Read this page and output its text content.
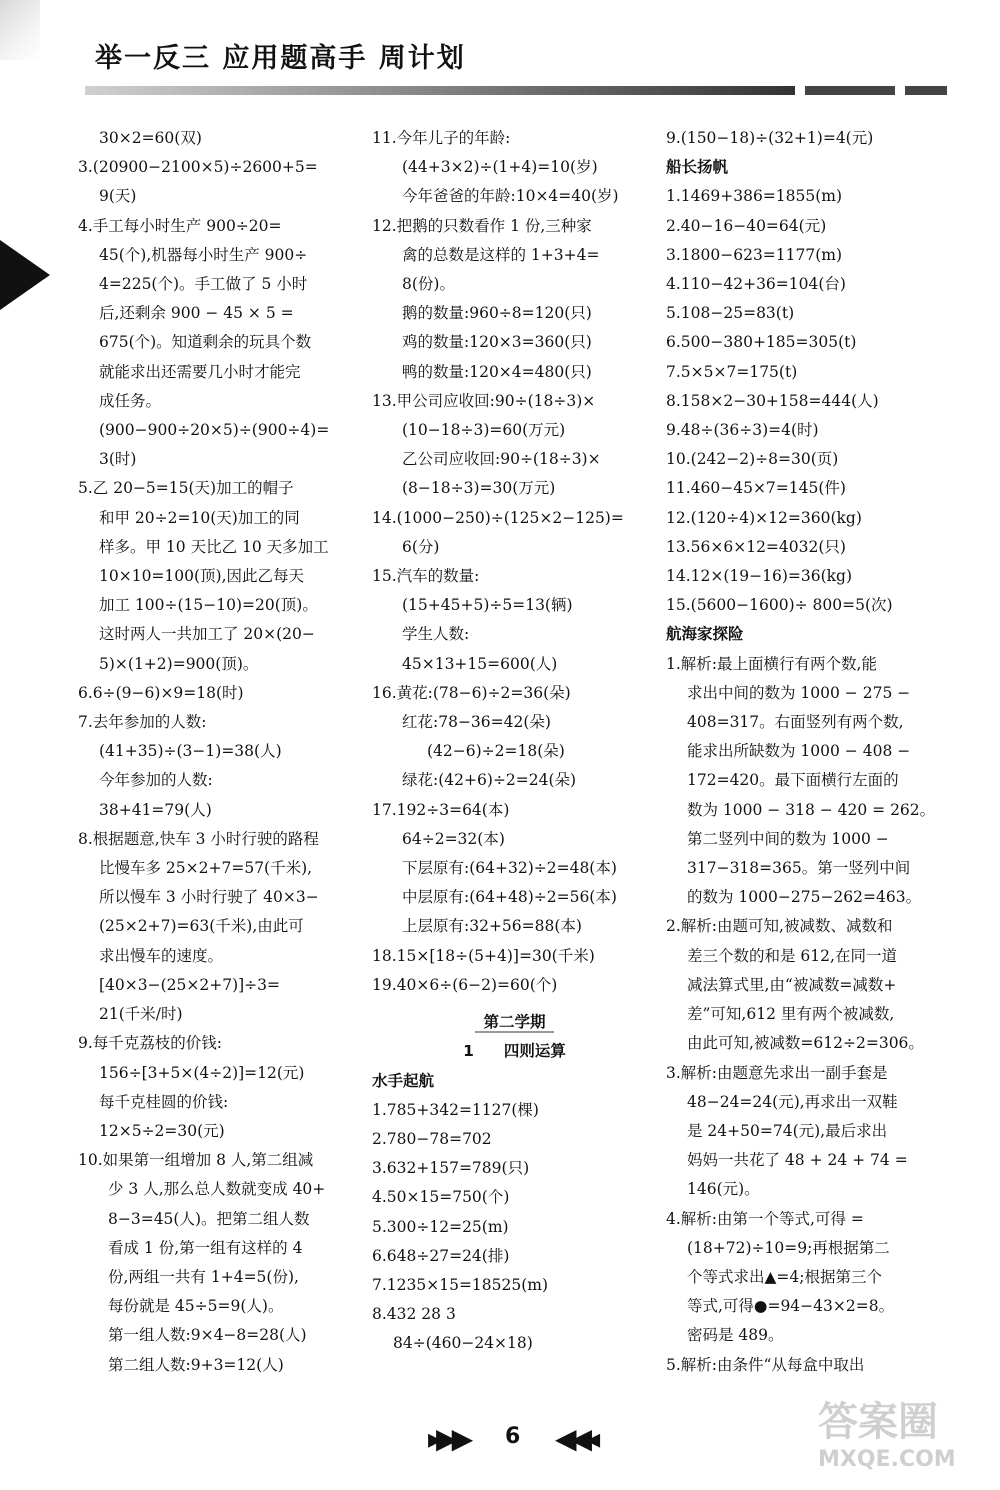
举一反三 应用题高手 周计划
30×2=60(双)
3.(20900−2100×5)÷2600+5=
9(天)
4.手工每小时生产 900÷20=
45(个),机器每小时生产 900÷
4=225(个)。手工做了 5 小时
后,还剩余 900 − 45 × 5 =
675(个)。知道剩余的玩具个数
就能求出还需要几小时才能完
成任务。
(900−900÷20×5)÷(900÷4)=
3(时)
5.乙 20−5=15(天)加工的帽子
和甲 20÷2=10(天)加工的同
样多。甲 10 天比乙 10 天多加工
10×10=100(顶),因此乙每天
加工 100÷(15−10)=20(顶)。
这时两人一共加工了 20×(20−
5)×(1+2)=900(顶)。
6.6÷(9−6)×9=18(时)
7.去年参加的人数:
(41+35)÷(3−1)=38(人)
今年参加的人数:
38+41=79(人)
8.根据题意,快车 3 小时行驶的路程
比慢车多 25×2+7=57(千米),
所以慢车 3 小时行驶了 40×3−
(25×2+7)=63(千米),由此可
求出慢车的速度。
[40×3−(25×2+7)]÷3=
21(千米/时)
9.每千克荔枝的价钱:
156÷[3+5×(4÷2)]=12(元)
每千克桂圆的价钱:
12×5÷2=30(元)
10.如果第一组增加 8 人,第二组减
少 3 人,那么总人数就变成 40+
8−3=45(人)。把第二组人数
看成 1 份,第一组有这样的 4
份,两组一共有 1+4=5(份),
每份就是 45÷5=9(人)。
第一组人数:9×4−8=28(人)
第二组人数:9+3=12(人)
11.今年儿子的年龄:
(44+3×2)÷(1+4)=10(岁)
今年爸爸的年龄:10×4=40(岁)
12.把鹅的只数看作 1 份,三种家
禽的总数是这样的 1+3+4=
8(份)。
鹅的数量:960÷8=120(只)
鸡的数量:120×3=360(只)
鸭的数量:120×4=480(只)
13.甲公司应收回:90÷(18÷3)×
(10−18÷3)=60(万元)
乙公司应收回:90÷(18÷3)×
(8−18÷3)=30(万元)
14.(1000−250)÷(125×2−125)=
6(分)
15.汽车的数量:
(15+45+5)÷5=13(辆)
学生人数:
45×13+15=600(人)
16.黄花:(78−6)÷2=36(朵)
红花:78−36=42(朵)
(42−6)÷2=18(朵)
绿花:(42+6)÷2=24(朵)
17.192÷3=64(本)
64÷2=32(本)
下层原有:(64+32)÷2=48(本)
中层原有:(64+48)÷2=56(本)
上层原有:32+56=88(本)
18.15×[18÷(5+4)]=30(千米)
19.40×6÷(6−2)=60(个)
第二学期
1 四则运算
水手起航
1.785+342=1127(棵)
2.780−78=702
3.632+157=789(只)
4.50×15=750(个)
5.300÷12=25(m)
6.648÷27=24(排)
7.1235×15=18525(m)
8.432 28 3
84÷(460−24×18)
9.(150−18)÷(32+1)=4(元)
船长扬帆
1.1469+386=1855(m)
2.40−16−40=64(元)
3.1800−623=1177(m)
4.110−42+36=104(台)
5.108−25=83(t)
6.500−380+185=305(t)
7.5×5×7=175(t)
8.158×2−30+158=444(人)
9.48÷(36÷3)=4(时)
10.(242−2)÷8=30(页)
11.460−45×7=145(件)
12.(120÷4)×12=360(kg)
13.56×6×12=4032(只)
14.12×(19−16)=36(kg)
15.(5600−1600)÷ 800=5(次)
航海家探险
1.解析:最上面横行有两个数,能
求出中间的数为 1000 − 275 −
408=317。右面竖列有两个数,
能求出所缺数为 1000 − 408 −
172=420。最下面横行左面的
数为 1000 − 318 − 420 = 262。
第二竖列中间的数为 1000 −
317−318=365。第一竖列中间
的数为 1000−275−262=463。
2.解析:由题可知,被减数、减数和
差三个数的和是 612,在同一道
减法算式里,由“被减数=减数+
差”可知,612 里有两个被减数,
由此可知,被减数=612÷2=306。
3.解析:由题意先求出一副手套是
48−24=24(元),再求出一双鞋
是 24+50=74(元),最后求出
妈妈一共花了 48 + 24 + 74 =
146(元)。
4.解析:由第一个等式,可得 =
(18+72)÷10=9;再根据第二
个等式求出▲=4;根据第三个
等式,可得●=94−43×2=8。
密码是 489。
5.解析:由条件“从每盒中取出
▸▶▶ 6 ◀◀◂	答案圈
MXQE.COM
